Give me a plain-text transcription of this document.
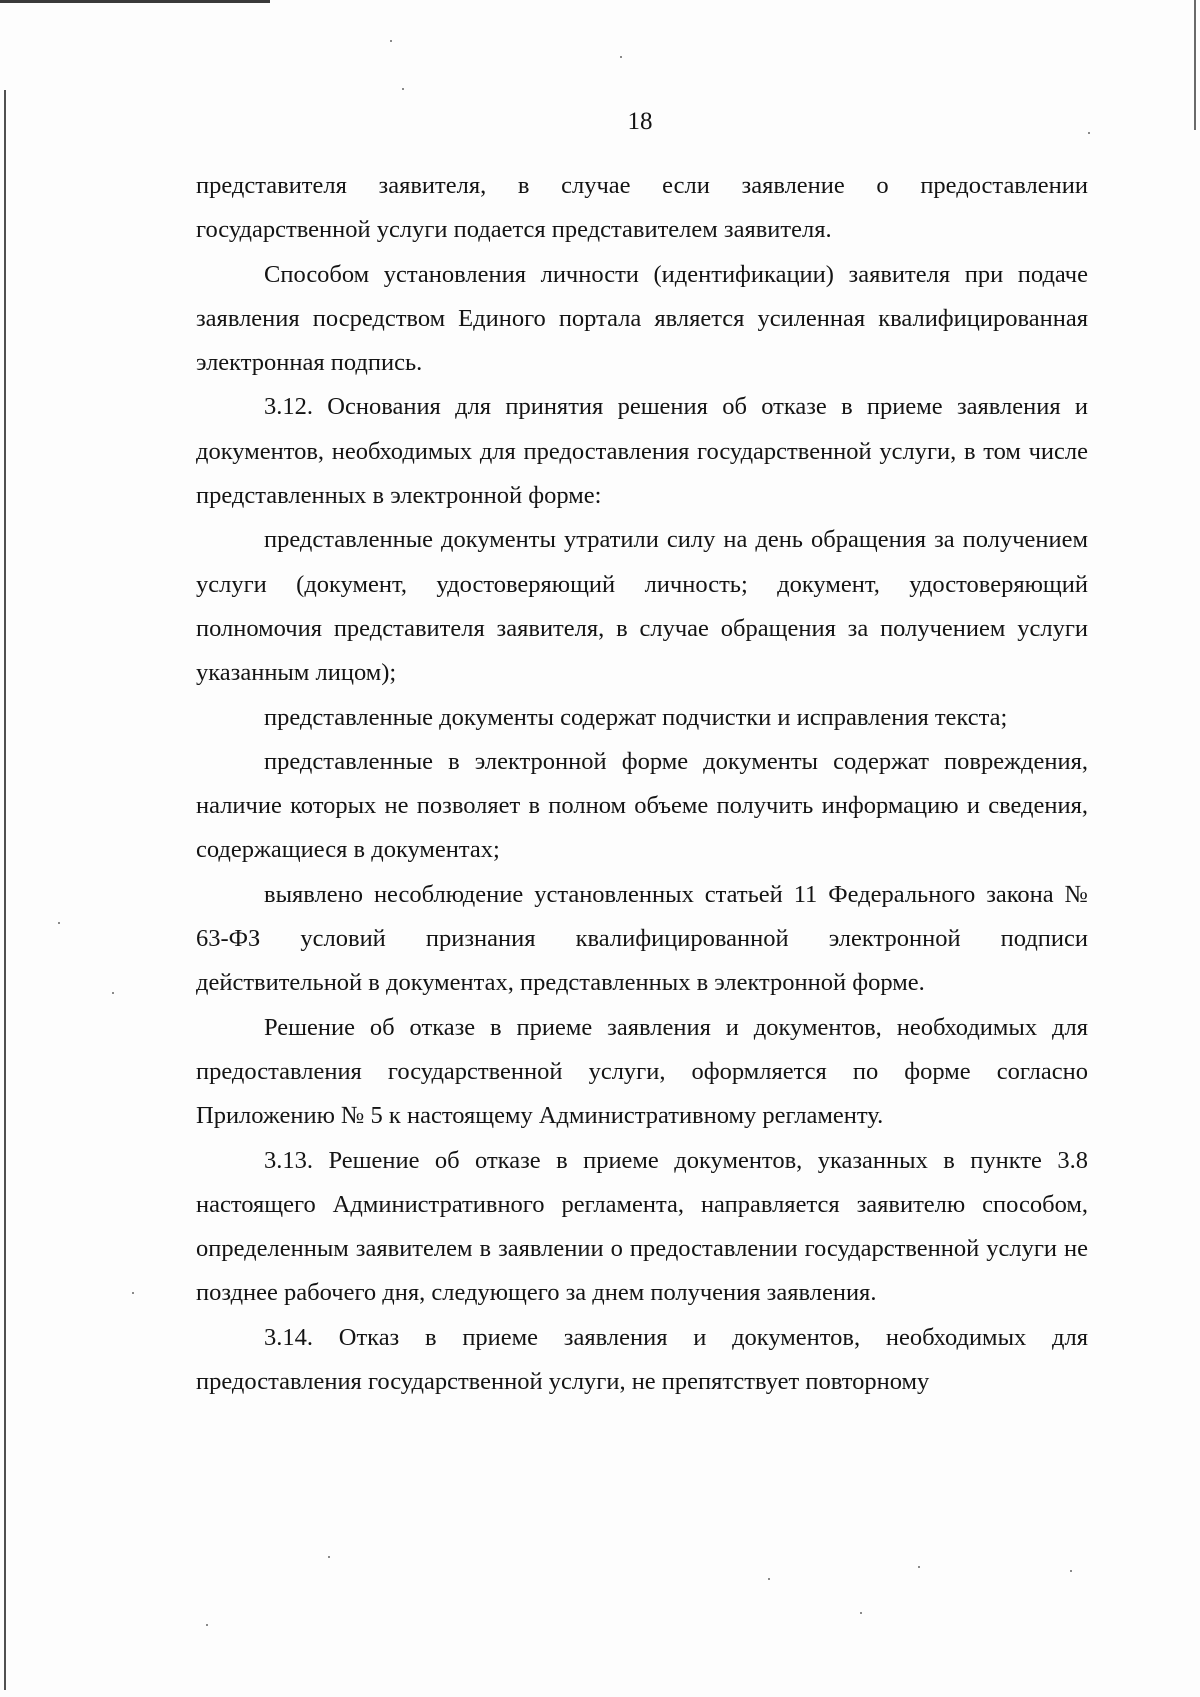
18

представителя заявителя, в случае если заявление о предоставлении государственной услуги подается представителем заявителя.

Способом установления личности (идентификации) заявителя при подаче заявления посредством Единого портала является усиленная квалифицированная электронная подпись.

3.12. Основания для принятия решения об отказе в приеме заявления и документов, необходимых для предоставления государственной услуги, в том числе представленных в электронной форме:

представленные документы утратили силу на день обращения за получением услуги (документ, удостоверяющий личность; документ, удостоверяющий полномочия представителя заявителя, в случае обращения за получением услуги указанным лицом);

представленные документы содержат подчистки и исправления текста;

представленные в электронной форме документы содержат повреждения, наличие которых не позволяет в полном объеме получить информацию и сведения, содержащиеся в документах;

выявлено несоблюдение установленных статьей 11 Федерального закона № 63-ФЗ условий признания квалифицированной электронной подписи действительной в документах, представленных в электронной форме.

Решение об отказе в приеме заявления и документов, необходимых для предоставления государственной услуги, оформляется по форме согласно Приложению № 5 к настоящему Административному регламенту.

3.13. Решение об отказе в приеме документов, указанных в пункте 3.8 настоящего Административного регламента, направляется заявителю способом, определенным заявителем в заявлении о предоставлении государственной услуги не позднее рабочего дня, следующего за днем получения заявления.

3.14. Отказ в приеме заявления и документов, необходимых для предоставления государственной услуги, не препятствует повторному
